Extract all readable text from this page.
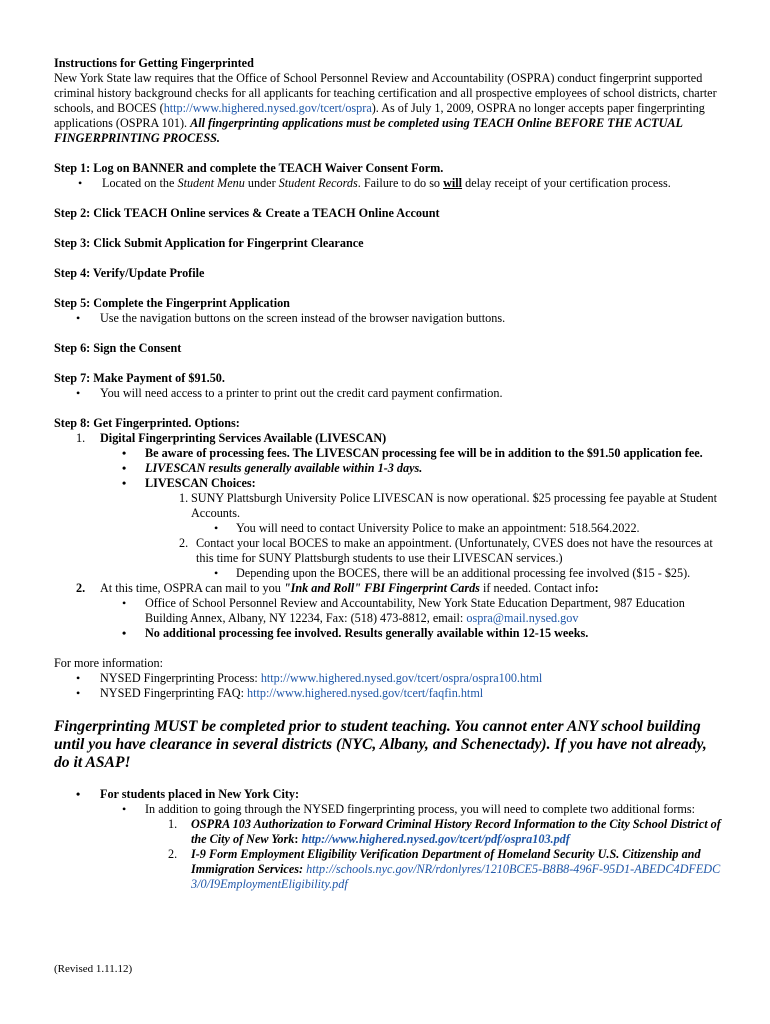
Instructions for Getting Fingerprinted

New York State law requires that the Office of School Personnel Review and Accountability (OSPRA) conduct fingerprint supported criminal history background checks for all applicants for teaching certification and all prospective employees of school districts, charter schools, and BOCES (http://www.highered.nysed.gov/tcert/ospra). As of July 1, 2009, OSPRA no longer accepts paper fingerprinting applications (OSPRA 101). All fingerprinting applications must be completed using TEACH Online BEFORE THE ACTUAL FINGERPRINTING PROCESS.

Step 1: Log on BANNER and complete the TEACH Waiver Consent Form.

• Located on the Student Menu under Student Records. Failure to do so will delay receipt of your certification process.

Step 2: Click TEACH Online services & Create a TEACH Online Account

Step 3: Click Submit Application for Fingerprint Clearance

Step 4: Verify/Update Profile

Step 5: Complete the Fingerprint Application

• Use the navigation buttons on the screen instead of the browser navigation buttons.

Step 6: Sign the Consent

Step 7: Make Payment of $91.50.

• You will need access to a printer to print out the credit card payment confirmation.

Step 8: Get Fingerprinted. Options:

1. Digital Fingerprinting Services Available (LIVESCAN)
• Be aware of processing fees. The LIVESCAN processing fee will be in addition to the $91.50 application fee.
• LIVESCAN results generally available within 1-3 days.
• LIVESCAN Choices:
1. SUNY Plattsburgh University Police LIVESCAN is now operational. $25 processing fee payable at Student Accounts.
• You will need to contact University Police to make an appointment: 518.564.2022.
2. Contact your local BOCES to make an appointment. (Unfortunately, CVES does not have the resources at this time for SUNY Plattsburgh students to use their LIVESCAN services.)
• Depending upon the BOCES, there will be an additional processing fee involved ($15 - $25).
2. At this time, OSPRA can mail to you "Ink and Roll" FBI Fingerprint Cards if needed. Contact info:
• Office of School Personnel Review and Accountability, New York State Education Department, 987 Education Building Annex, Albany, NY 12234, Fax: (518) 473-8812, email: ospra@mail.nysed.gov
• No additional processing fee involved. Results generally available within 12-15 weeks.

For more information:

• NYSED Fingerprinting Process: http://www.highered.nysed.gov/tcert/ospra/ospra100.html
• NYSED Fingerprinting FAQ: http://www.highered.nysed.gov/tcert/faqfin.html

Fingerprinting MUST be completed prior to student teaching. You cannot enter ANY school building until you have clearance in several districts (NYC, Albany, and Schenectady). If you have not already, do it ASAP!

• For students placed in New York City:
• In addition to going through the NYSED fingerprinting process, you will need to complete two additional forms:
1. OSPRA 103 Authorization to Forward Criminal History Record Information to the City School District of the City of New York: http://www.highered.nysed.gov/tcert/pdf/ospra103.pdf
2. I-9 Form Employment Eligibility Verification Department of Homeland Security U.S. Citizenship and Immigration Services: http://schools.nyc.gov/NR/rdonlyres/1210BCE5-B8B8-496F-95D1-ABEDC4DFEDC3/0/I9EmploymentEligibility.pdf

(Revised 1.11.12)
